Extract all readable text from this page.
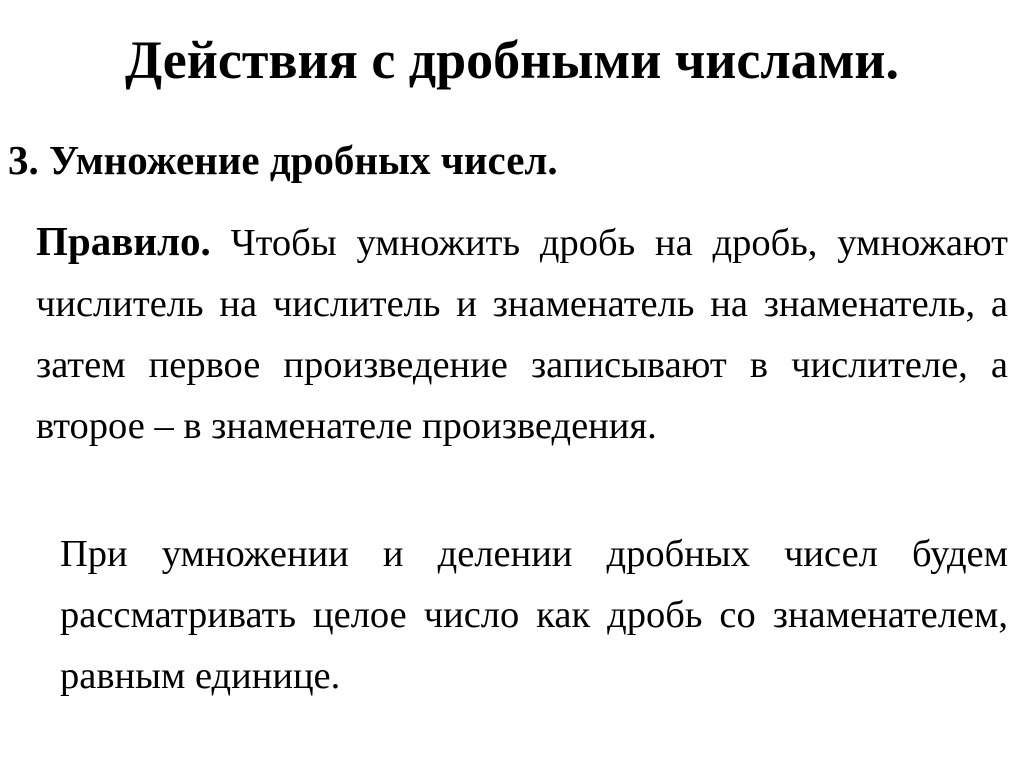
Действия с дробными числами.
3. Умножение дробных чисел.

Правило. Чтобы умножить дробь на дробь, умножают числитель на числитель и знаменатель на знаменатель, а затем первое произведение записывают в числителе, а второе – в знаменателе произведения.

При умножении и делении дробных чисел будем рассматривать целое число как дробь со знаменателем, равным единице.
